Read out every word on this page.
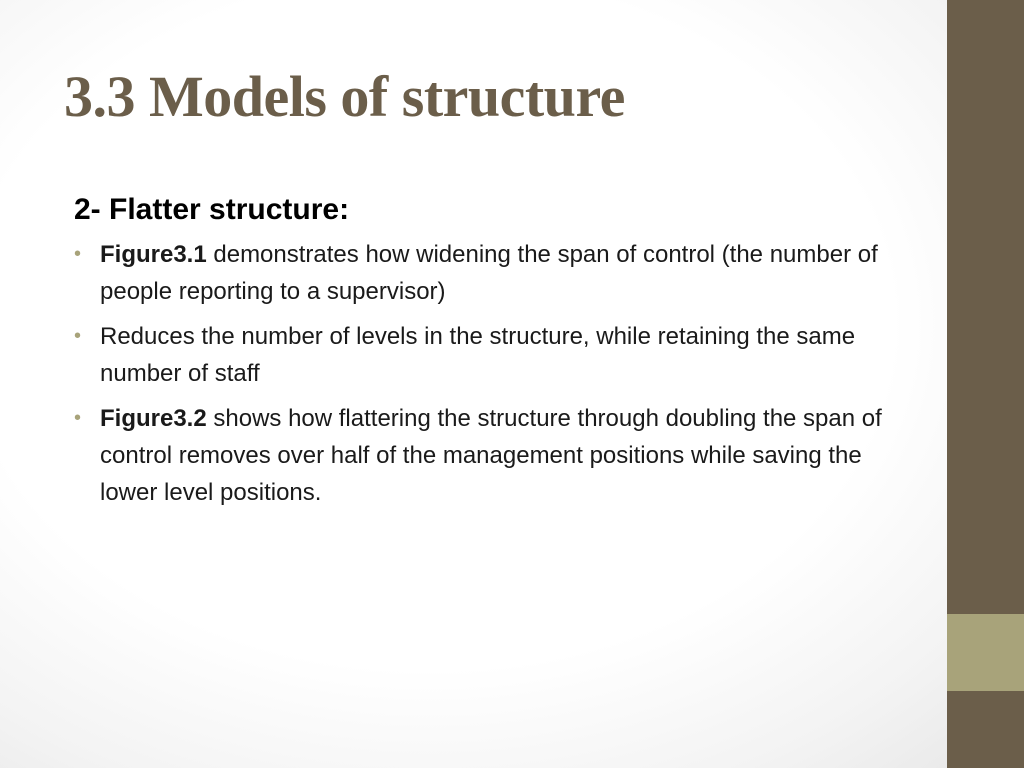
3.3 Models of structure
2- Flatter structure:
• Figure3.1 demonstrates how widening the span of control (the number of people reporting to a supervisor)
• Reduces the number of levels in the structure, while retaining the same number of staff
• Figure3.2 shows how flattering the structure through doubling the span of control removes over half of the management positions while saving the lower level positions.
